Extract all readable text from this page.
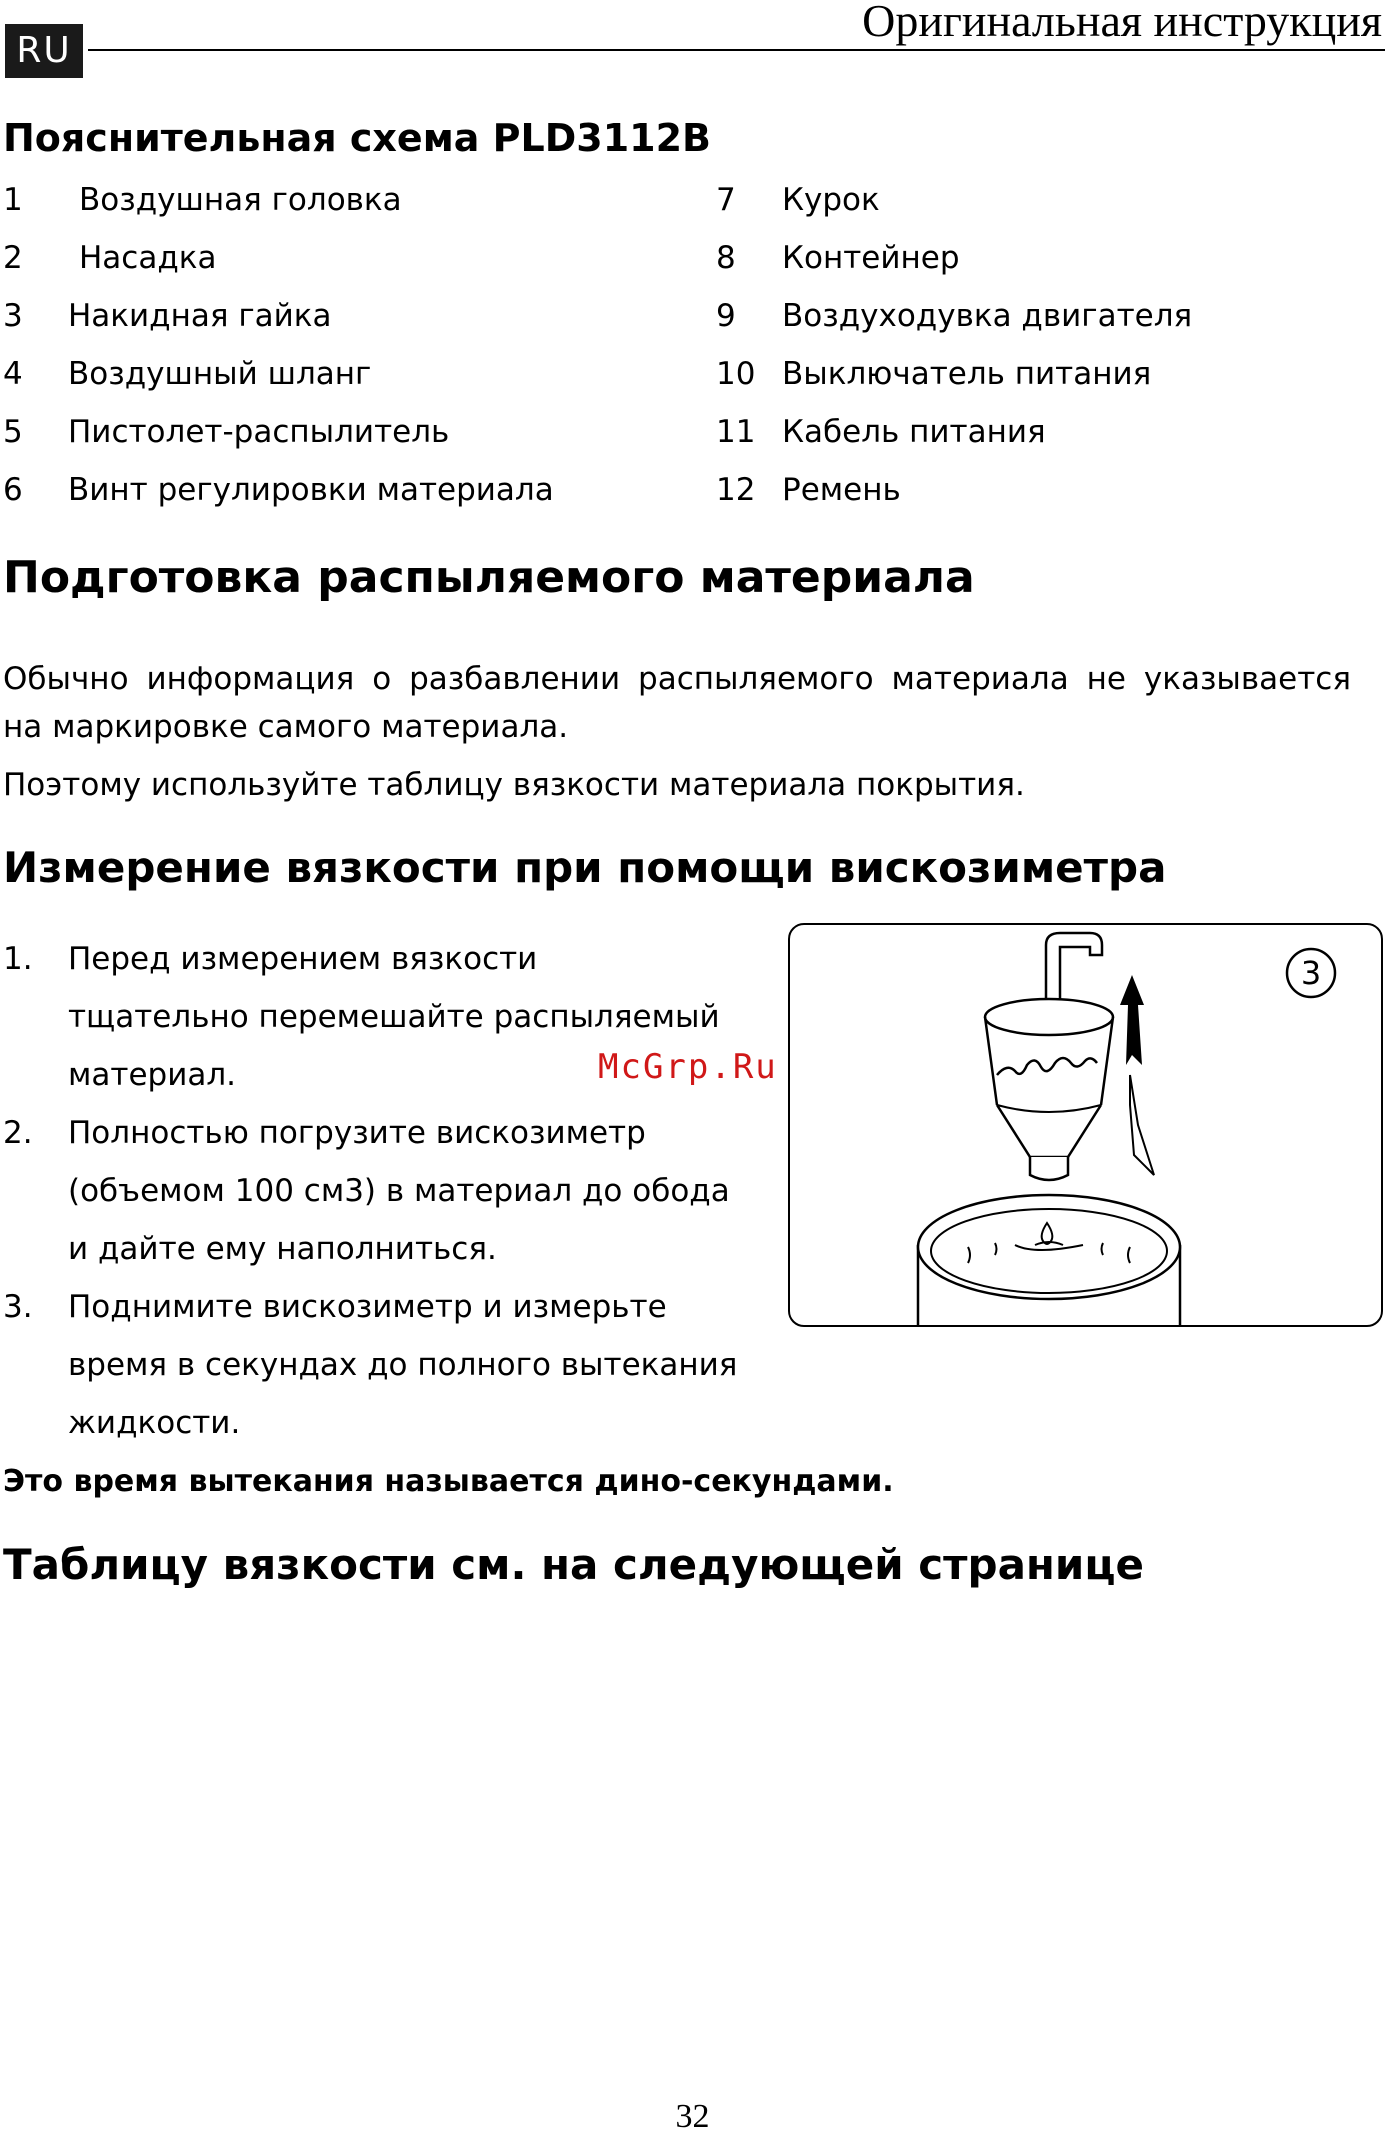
RU
Оригинальная инструкция
Пояснительная схема PLD3112B
1 Воздушная головка
2 Насадка
3 Накидная гайка
4 Воздушный шланг
5 Пистолет-распылитель
6 Винт регулировки материала
7 Курок
8 Контейнер
9 Воздуходувка двигателя
10 Выключатель питания
11 Кабель питания
12 Ремень
Подготовка распыляемого материала
Обычно информация о разбавлении распыляемого материала не указывается
на маркировке самого материала.
Поэтому используйте таблицу вязкости материала покрытия.
Измерение вязкости при помощи вискозиметра
1. Перед измерением вязкости
тщательно перемешайте распыляемый
материал.
2. Полностью погрузите вискозиметр
(объемом 100 см3) в материал до обода
и дайте ему наполниться.
3. Поднимите вискозиметр и измерьте
время в секундах до полного вытекания
жидкости.
Это время вытекания называется дино-секундами.
3
McGrp.Ru
Таблицу вязкости см. на следующей странице
32
